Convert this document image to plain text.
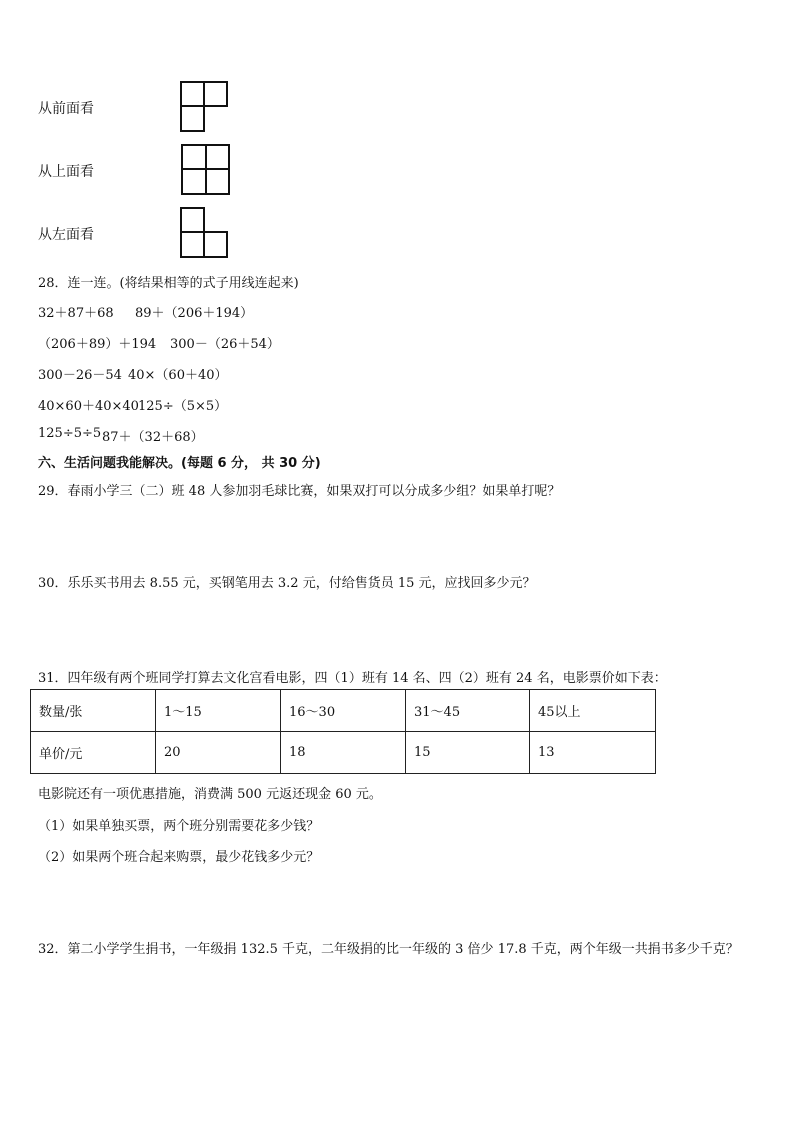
从前面看
从上面看
从左面看
28．连一连。(将结果相等的式子用线连起来)
32＋87＋68 89＋（206＋194）
（206＋89）＋194 300－（26＋54）
300－26－54 40×（60＋40）
40×60＋40×40 125÷（5×5）
125÷5÷5 87＋（32＋68）
六、生活问题我能解决。(每题 6 分， 共 30 分)
29．春雨小学三（二）班 48 人参加羽毛球比赛，如果双打可以分成多少组？如果单打呢？
30．乐乐买书用去 8.55 元，买钢笔用去 3.2 元，付给售货员 15 元，应找回多少元？
31．四年级有两个班同学打算去文化宫看电影，四（1）班有 14 名、四（2）班有 24 名，电影票价如下表：
数量/张	1～15	16～30	31～45	45以上
单价/元	20	18	15	13
电影院还有一项优惠措施，消费满 500 元返还现金 60 元。
（1）如果单独买票，两个班分别需要花多少钱？
（2）如果两个班合起来购票，最少花钱多少元？
32．第二小学学生捐书，一年级捐 132.5 千克，二年级捐的比一年级的 3 倍少 17.8 千克，两个年级一共捐书多少千克？
